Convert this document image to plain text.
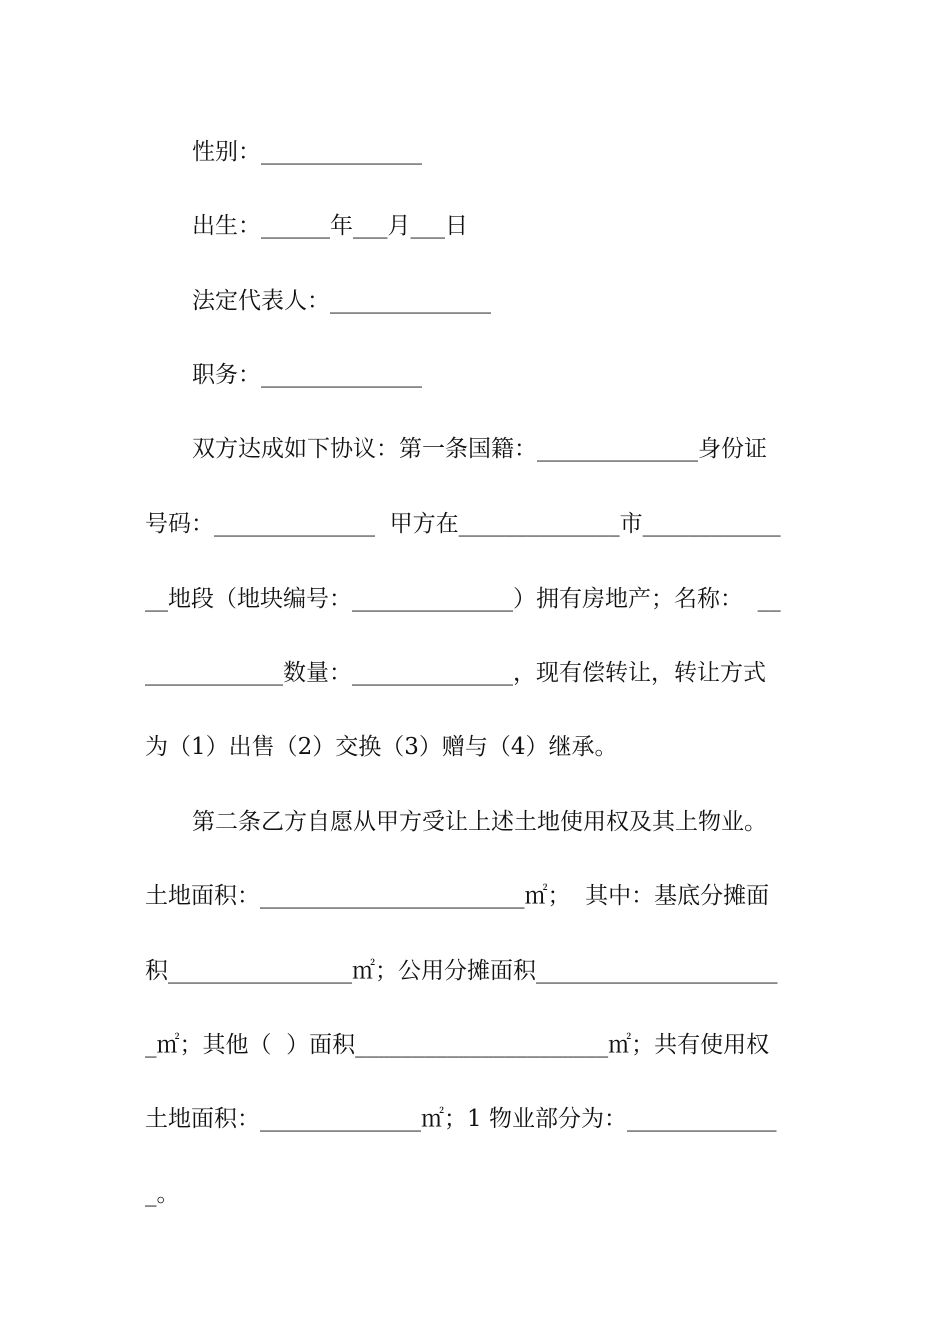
性别：______________
出生：______年___月___日
法定代表人：______________
职务：______________
双方达成如下协议：第一条国籍：______________身份证
号码：______________  甲方在______________市____________
__地段（地块编号：______________）拥有房地产；名称：  __
____________数量：______________，现有偿转让，转让方式
为（1）出售（2）交换（3）赠与（4）继承。
第二条乙方自愿从甲方受让上述土地使用权及其上物业。
土地面积：_______________________㎡；  其中：基底分摊面
积________________㎡；公用分摊面积_____________________
_㎡；其他（  ）面积______________________㎡；共有使用权
土地面积：______________㎡；1 物业部分为：_____________
_。
